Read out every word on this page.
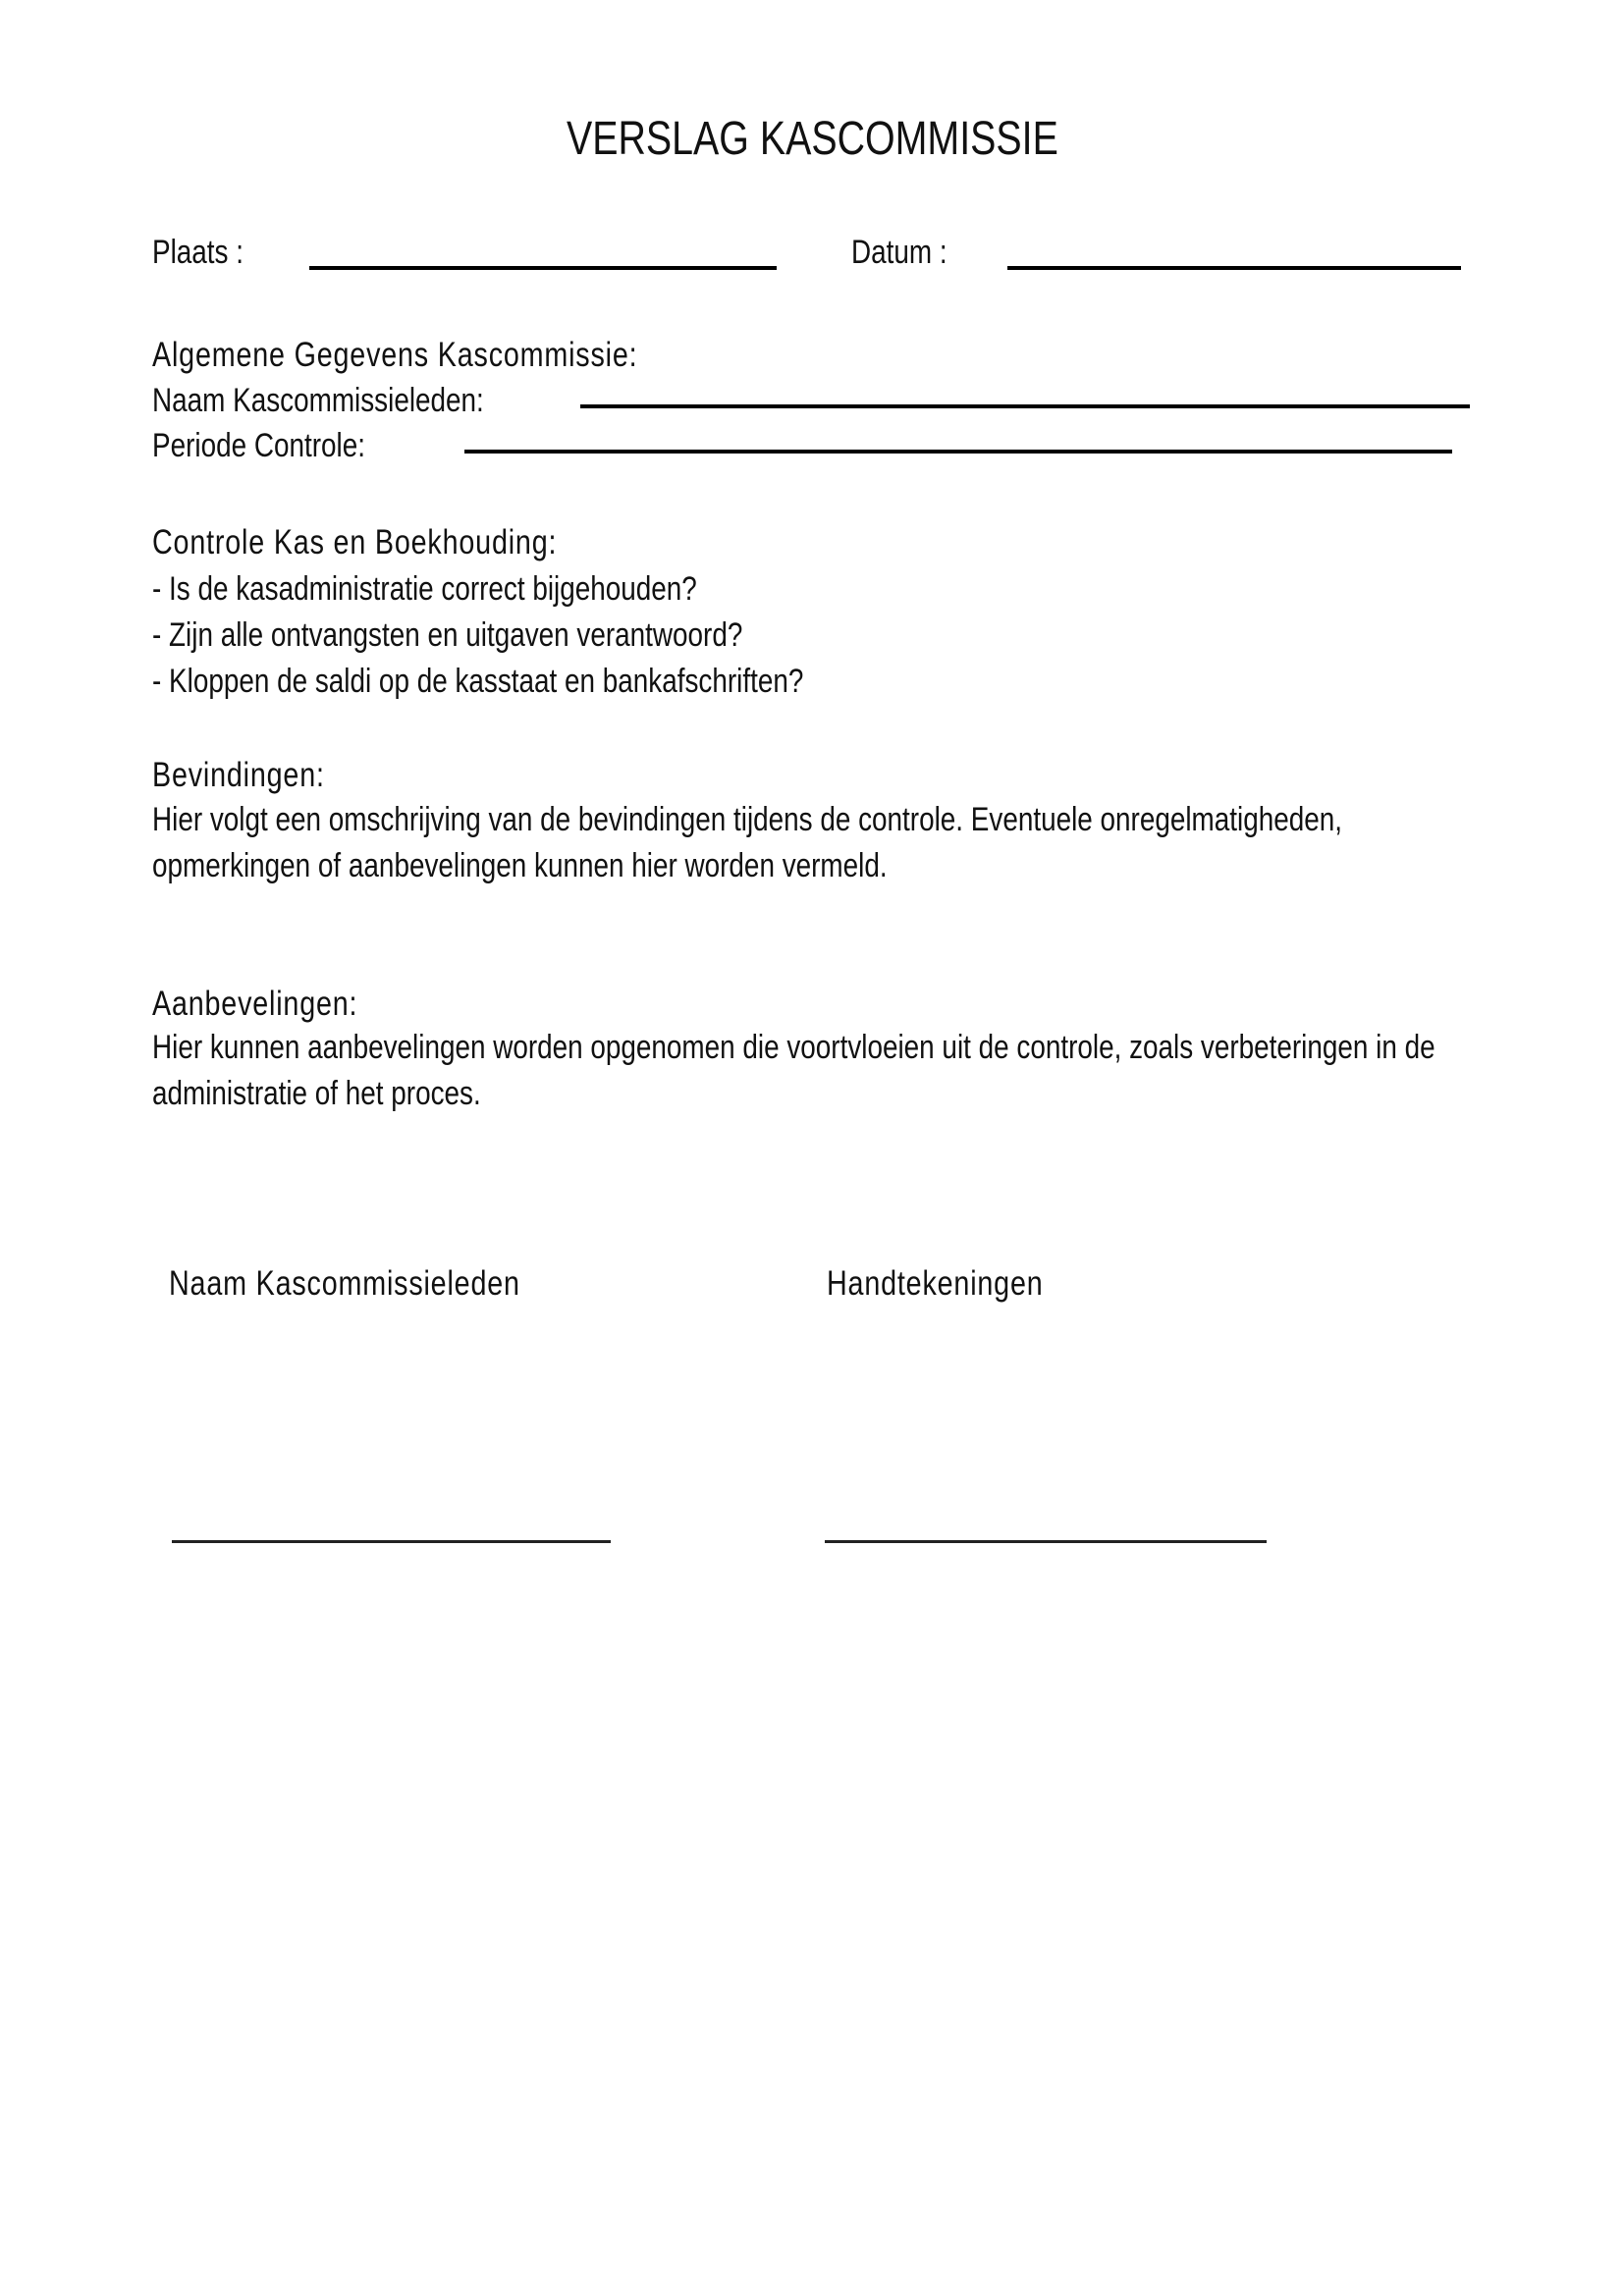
VERSLAG KASCOMMISSIE
Plaats :	Datum :
Algemene Gegevens Kascommissie:
Naam Kascommissieleden:
Periode Controle:
Controle Kas en Boekhouding:
- Is de kasadministratie correct bijgehouden?
- Zijn alle ontvangsten en uitgaven verantwoord?
- Kloppen de saldi op de kasstaat en bankafschriften?
Bevindingen:
Hier volgt een omschrijving van de bevindingen tijdens de controle. Eventuele onregelmatigheden,
opmerkingen of aanbevelingen kunnen hier worden vermeld.
Aanbevelingen:
Hier kunnen aanbevelingen worden opgenomen die voortvloeien uit de controle, zoals verbeteringen in de
administratie of het proces.
Naam Kascommissieleden	Handtekeningen
